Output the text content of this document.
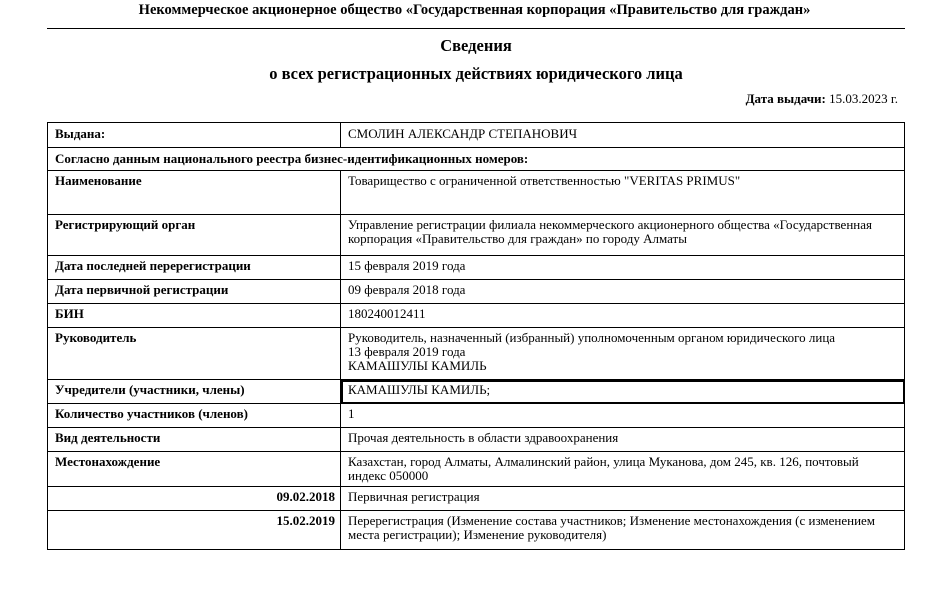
Некоммерческое акционерное общество «Государственная корпорация «Правительство для граждан»
Сведения
о всех регистрационных действиях юридического лица
Дата выдачи: 15.03.2023 г.
Выдана:	СМОЛИН АЛЕКСАНДР СТЕПАНОВИЧ
Согласно данным национального реестра бизнес-идентификационных номеров:	
Наименование	Товарищество с ограниченной ответственностью "VERITAS PRIMUS"
Регистрирующий орган	Управление регистрации филиала некоммерческого акционерного общества «Государственная корпорация «Правительство для граждан» по городу Алматы
Дата последней перерегистрации	15 февраля 2019 года
Дата первичной регистрации	09 февраля 2018 года
БИН	180240012411
Руководитель	Руководитель, назначенный (избранный) уполномоченным органом юридического лица
13 февраля 2019 года
КАМАШУЛЫ КАМИЛЬ

Учредители (участники, члены)	КАМАШУЛЫ КАМИЛЬ;
Количество участников (членов)	1
Вид деятельности	Прочая деятельность в области здравоохранения
Местонахождение	Казахстан, город Алматы, Алмалинский район, улица Муканова, дом 245, кв. 126, почтовый индекс 050000
09.02.2018	Первичная регистрация
15.02.2019	Перерегистрация (Изменение состава участников; Изменение местонахождения (с изменением места регистрации); Изменение руководителя)
